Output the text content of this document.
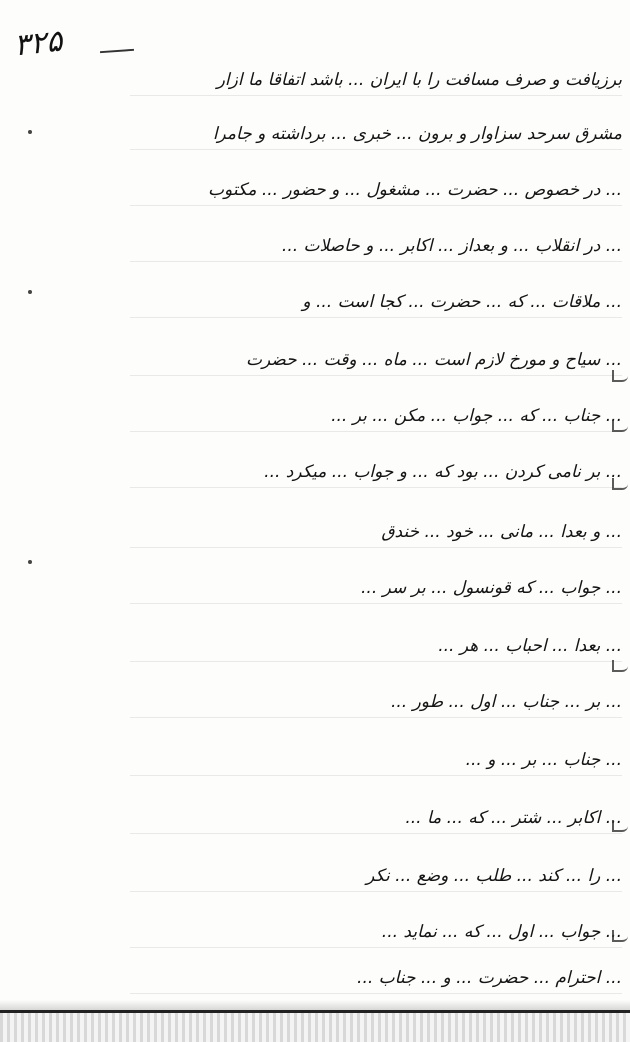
۳۲۵
برزیافت و صرف مسافت را با ایران ... باشد اتفاقا ما ازار
مشرق سرحد سزاوار و برون ... خبری ... برداشته و جامرا
... در خصوص ... حضرت ... مشغول ... و حضور ... مکتوب
... در انقلاب ... و بعداز ... اکابر ... و حاصلات ...
... ملاقات ... که ... حضرت ... کجا است ... و
... سیاح و مورخ لازم است ... ماه ... وقت ... حضرت
... جناب ... که ... جواب ... مکن ... بر ...
... بر نامی کردن ... بود که ... و جواب ... میکرد ...
... و بعدا ... مانی ... خود ... خندق
... جواب ... که قونسول ... بر سر ...
... بعدا ... احباب ... هر ...
... بر ... جناب ... اول ... طور ...
... جناب ... بر ... و ...
... اکابر ... شتر ... که ... ما ...
... را ... کند ... طلب ... وضع ... نکر
... جواب ... اول ... که ... نماید ...
... احترام ... حضرت ... و ... جناب ...
